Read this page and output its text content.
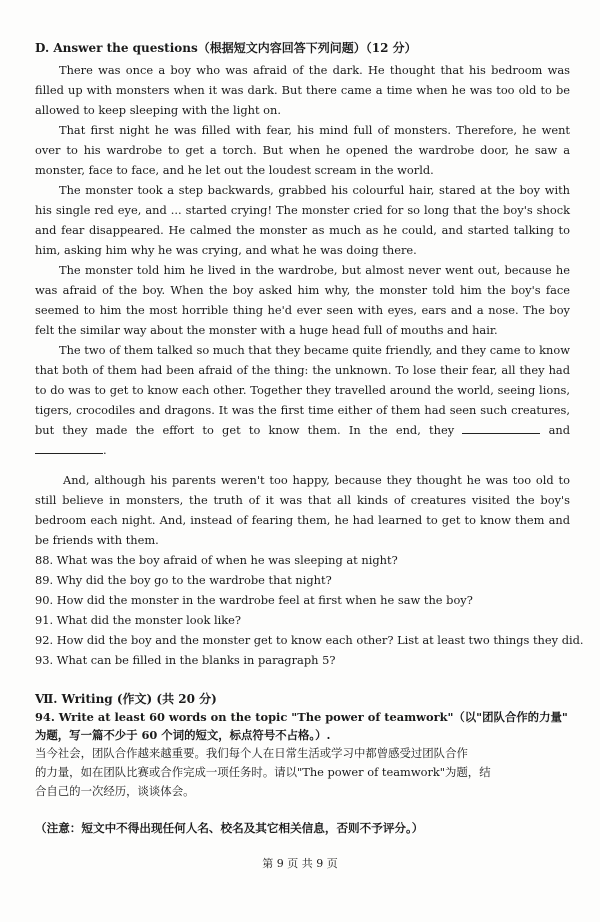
D. Answer the questions（根据短文内容回答下列问题）（12 分）

There was once a boy who was afraid of the dark. He thought that his bedroom was filled up with monsters when it was dark. But there came a time when he was too old to be allowed to keep sleeping with the light on.

That first night he was filled with fear, his mind full of monsters. Therefore, he went over to his wardrobe to get a torch. But when he opened the wardrobe door, he saw a monster, face to face, and he let out the loudest scream in the world.

The monster took a step backwards, grabbed his colourful hair, stared at the boy with his single red eye, and ... started crying! The monster cried for so long that the boy's shock and fear disappeared. He calmed the monster as much as he could, and started talking to him, asking him why he was crying, and what he was doing there.

The monster told him he lived in the wardrobe, but almost never went out, because he was afraid of the boy. When the boy asked him why, the monster told him the boy's face seemed to him the most horrible thing he'd ever seen with eyes, ears and a nose. The boy felt the similar way about the monster with a huge head full of mouths and hair.

The two of them talked so much that they became quite friendly, and they came to know that both of them had been afraid of the thing: the unknown. To lose their fear, all they had to do was to get to know each other. Together they travelled around the world, seeing lions, tigers, crocodiles and dragons. It was the first time either of them had seen such creatures, but they made the effort to get to know them. In the end, they	and .

And, although his parents weren't too happy, because they thought he was too old to still believe in monsters, the truth of it was that all kinds of creatures visited the boy's bedroom each night. And, instead of fearing them, he had learned to get to know them and be friends with them.

88. What was the boy afraid of when he was sleeping at night?

89. Why did the boy go to the wardrobe that night?

90. How did the monster in the wardrobe feel at first when he saw the boy?

91. What did the monster look like?

92. How did the boy and the monster get to know each other? List at least two things they did.

93. What can be filled in the blanks in paragraph 5?

Ⅶ. Writing (作文) (共 20 分)

94. Write at least 60 words on the topic "The power of teamwork"（以"团队合作的力量"

为题，写一篇不少于 60 个词的短文，标点符号不占格。）.

当今社会，团队合作越来越重要。我们每个人在日常生活或学习中都曾感受过团队合作

的力量，如在团队比赛或合作完成一项任务时。请以"The power of teamwork"为题，结

合自己的一次经历，谈谈体会。

（注意：短文中不得出现任何人名、校名及其它相关信息，否则不予评分。）

第 9 页 共 9 页
